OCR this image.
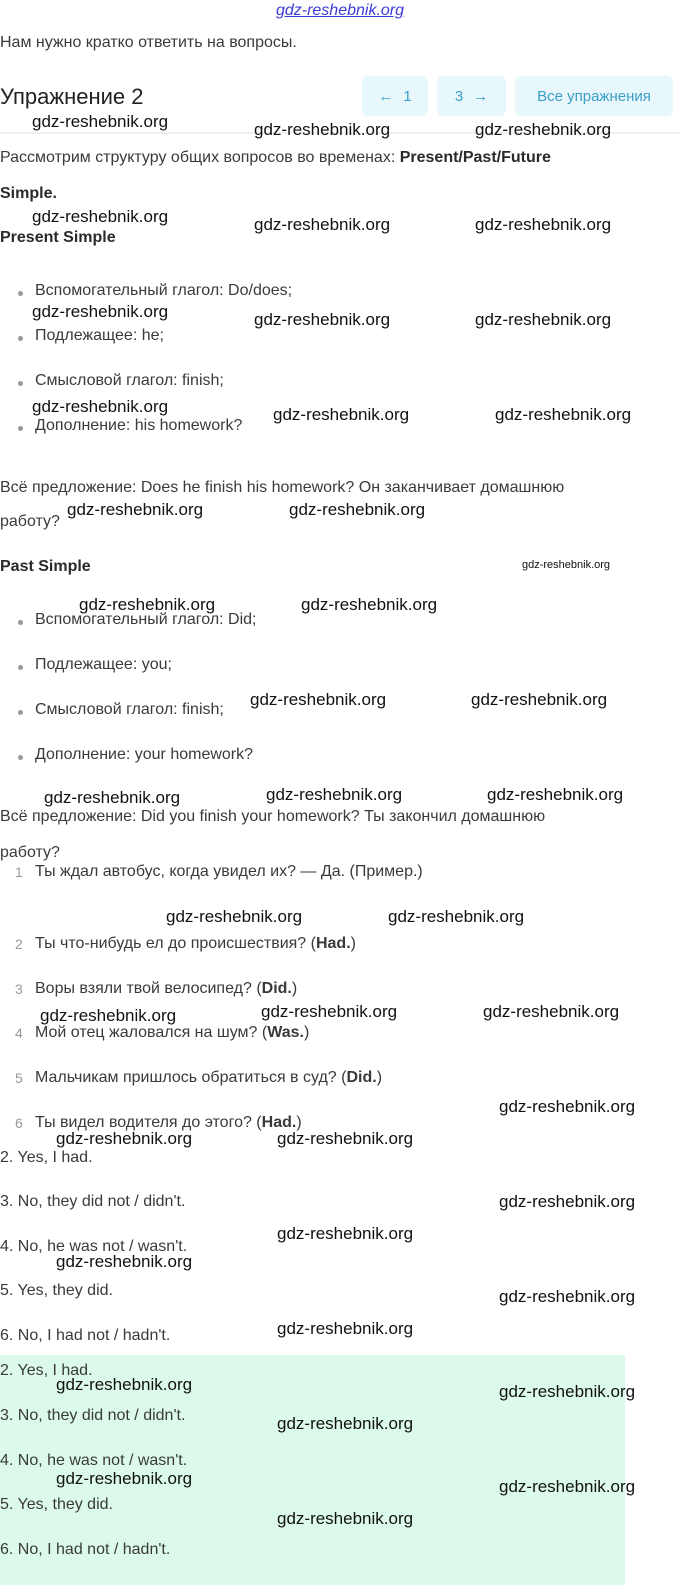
gdz-reshebnik.org
Нам нужно кратко ответить на вопросы.
Упражнение 2	← 1	3 →	Все упражнения
Рассмотрим структуру общих вопросов во временах: Present/Past/Future
Simple.
Present Simple
Вспомогательный глагол: Do/does;
Подлежащее: he;
Смысловой глагол: finish;
Дополнение: his homework?
Всё предложение: Does he finish his homework? Он заканчивает домашнюю
работу?
Past Simple
Вспомогательный глагол: Did;
Подлежащее: you;
Смысловой глагол: finish;
Дополнение: your homework?
Всё предложение: Did you finish your homework? Ты закончил домашнюю
работу?
1 Ты ждал автобус, когда увидел их? — Да. (Пример.)
2 Ты что-нибудь ел до происшествия? (Had.)
3 Воры взяли твой велосипед? (Did.)
4 Мой отец жаловался на шум? (Was.)
5 Мальчикам пришлось обратиться в суд? (Did.)
6 Ты видел водителя до этого? (Had.)
2. Yes, I had.
3. No, they did not / didn't.
4. No, he was not / wasn't.
5. Yes, they did.
6. No, I had not / hadn't.
2. Yes, I had.
3. No, they did not / didn't.
4. No, he was not / wasn't.
5. Yes, they did.
6. No, I had not / hadn't.
gdz-reshebnik.org	gdz-reshebnik.org	gdz-reshebnik.org
gdz-reshebnik.org	gdz-reshebnik.org	gdz-reshebnik.org
gdz-reshebnik.org	gdz-reshebnik.org	gdz-reshebnik.org
gdz-reshebnik.org	gdz-reshebnik.org	gdz-reshebnik.org
gdz-reshebnik.org	gdz-reshebnik.org
gdz-reshebnik.org	gdz-reshebnik.org
gdz-reshebnik.org	gdz-reshebnik.org
gdz-reshebnik.org	gdz-reshebnik.org	gdz-reshebnik.org
gdz-reshebnik.org	gdz-reshebnik.org
gdz-reshebnik.org	gdz-reshebnik.org	gdz-reshebnik.org
gdz-reshebnik.org
gdz-reshebnik.org	gdz-reshebnik.org
gdz-reshebnik.org
gdz-reshebnik.org
gdz-reshebnik.org
gdz-reshebnik.org
gdz-reshebnik.org
gdz-reshebnik.org	gdz-reshebnik.org
gdz-reshebnik.org
gdz-reshebnik.org	gdz-reshebnik.org
gdz-reshebnik.org
gdz-reshebnik.org
